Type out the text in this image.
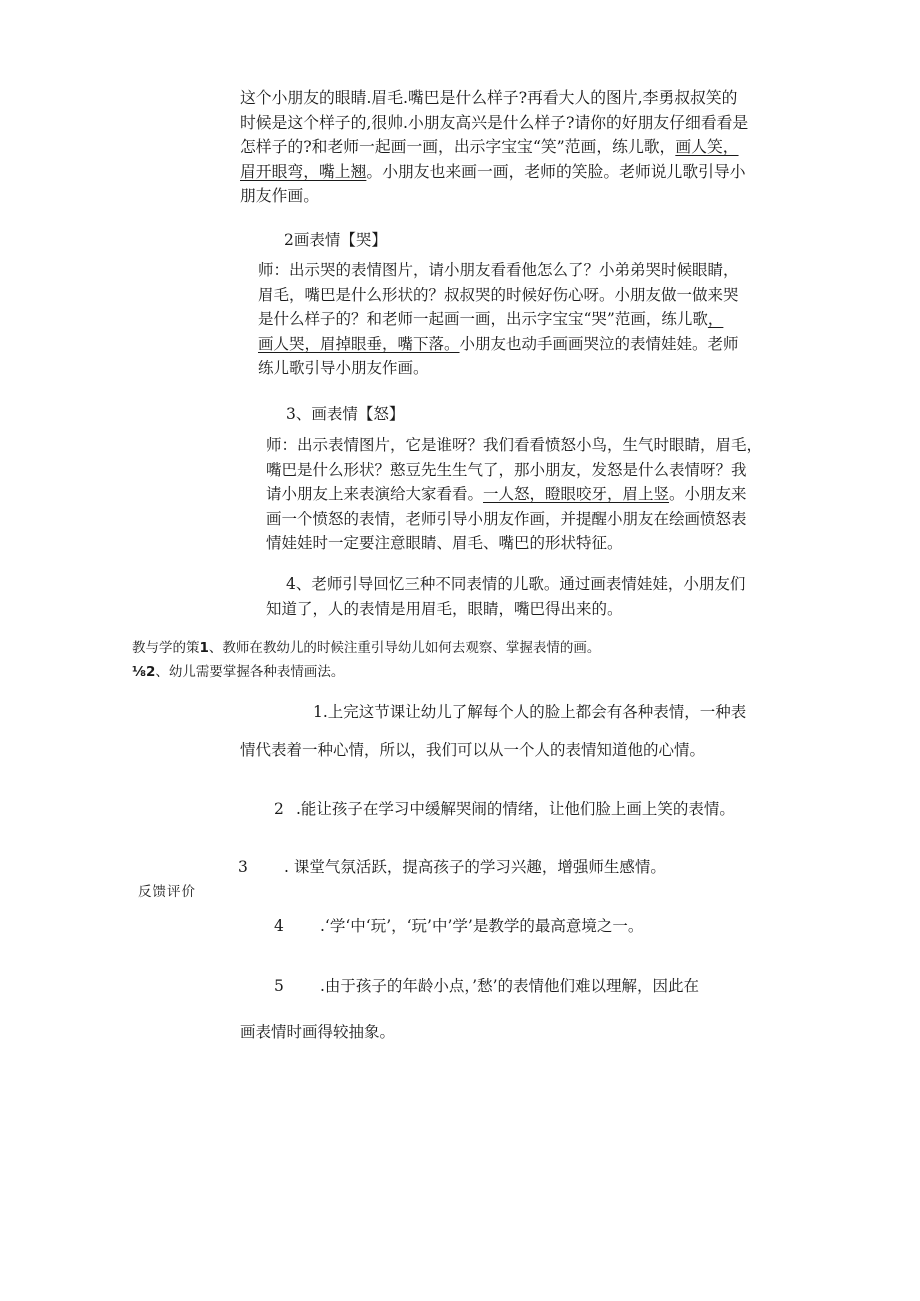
这个小朋友的眼睛.眉毛.嘴巴是什么样子?再看大人的图片,李勇叔叔笑的
时候是这个样子的,很帅.小朋友高兴是什么样子?请你的好朋友仔细看看是
怎样子的?和老师一起画一画，出示字宝宝“笑”范画，练儿歌，画人笑，
眉开眼弯，嘴上翘。小朋友也来画一画，老师的笑脸。老师说儿歌引导小
朋友作画。
2画表情【哭】
师：出示哭的表情图片，请小朋友看看他怎么了？小弟弟哭时候眼睛，
眉毛，嘴巴是什么形状的？叔叔哭的时候好伤心呀。小朋友做一做来哭
是什么样子的？和老师一起画一画，出示字宝宝“哭”范画，练儿歌，
画人哭，眉掉眼垂，嘴下落。小朋友也动手画画哭泣的表情娃娃。老师
练儿歌引导小朋友作画。
3、画表情【怒】
师：出示表情图片，它是谁呀？我们看看愤怒小鸟，生气时眼睛，眉毛，
嘴巴是什么形状？憨豆先生生气了，那小朋友，发怒是什么表情呀？我
请小朋友上来表演给大家看看。一人怒，瞪眼咬牙，眉上竖。小朋友来
画一个愤怒的表情，老师引导小朋友作画，并提醒小朋友在绘画愤怒表
情娃娃时一定要注意眼睛、眉毛、嘴巴的形状特征。
4、老师引导回忆三种不同表情的儿歌。通过画表情娃娃，小朋友们
知道了，人的表情是用眉毛，眼睛，嘴巴得出来的。
教与学的策1、教师在教幼儿的时候注重引导幼儿如何去观察、掌握表情的画。
⅛2、幼儿需要掌握各种表情画法。
反馈评价
1.上完这节课让幼儿了解每个人的脸上都会有各种表情，一种表
情代表着一种心情，所以，我们可以从一个人的表情知道他的心情。
2 .能让孩子在学习中缓解哭闹的情绪，让他们脸上画上笑的表情。
3 . 课堂气氛活跃，提高孩子的学习兴趣，增强师生感情。
4 .‘学‘中‘玩’，‘玩’中’学’是教学的最高意境之一。
5 .由于孩子的年龄小点，’愁’的表情他们难以理解，因此在
画表情时画得较抽象。
